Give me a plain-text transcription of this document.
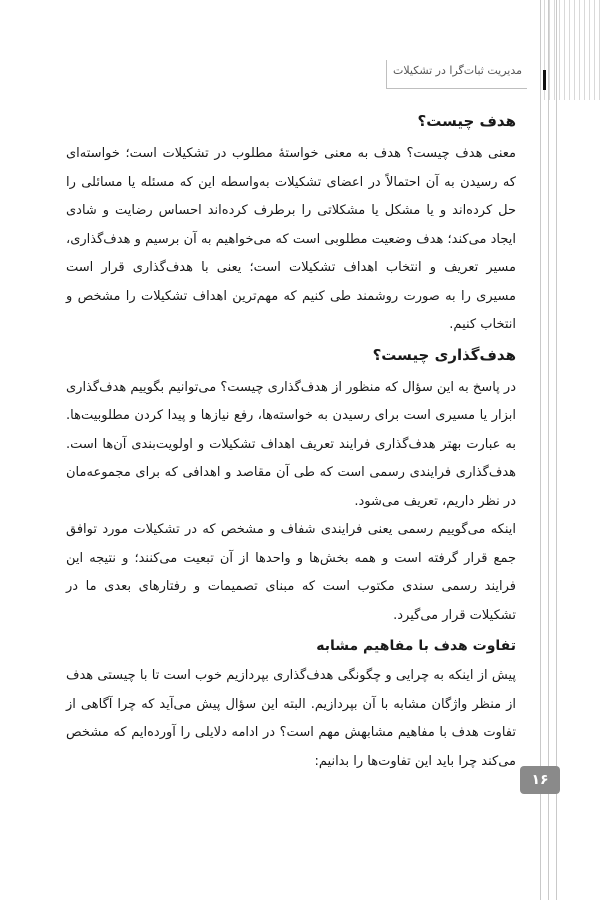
مدیریت ثبات‌گرا در تشکیلات
هدف چیست؟

معنی هدف چیست؟ هدف به معنی خواستهٔ مطلوب در تشکیلات است؛ خواسته‌ای که رسیدن به آن احتمالاً در اعضای تشکیلات به‌واسطه این که مسئله یا مسائلی را حل کرده‌اند و یا مشکل یا مشکلاتی را برطرف کرده‌اند احساس رضایت و شادی ایجاد می‌کند؛ هدف وضعیت مطلوبی است که می‌خواهیم به آن برسیم و هدف‌گذاری، مسیر تعریف و انتخاب اهداف تشکیلات است؛ یعنی با هدف‌گذاری قرار است مسیری را به صورت روشمند طی کنیم که مهم‌ترین اهداف تشکیلات را مشخص و انتخاب کنیم.

هدف‌گذاری چیست؟

در پاسخ به این سؤال که منظور از هدف‌گذاری چیست؟ می‌توانیم بگوییم هدف‌گذاری ابزار یا مسیری است برای رسیدن به خواسته‌ها، رفع نیازها و پیدا کردن مطلوبیت‌ها. به عبارت بهتر هدف‌گذاری فرایند تعریف اهداف تشکیلات و اولویت‌بندی آن‌ها است. هدف‌گذاری فرایندی رسمی است که طی آن مقاصد و اهدافی که برای مجموعه‌مان در نظر داریم، تعریف می‌شود.

اینکه می‌گوییم رسمی یعنی فرایندی شفاف و مشخص که در تشکیلات مورد توافق جمع قرار گرفته است و همه بخش‌ها و واحدها از آن تبعیت می‌کنند؛ و نتیجه این فرایند رسمی سندی مکتوب است که مبنای تصمیمات و رفتارهای بعدی ما در تشکیلات قرار می‌گیرد.

تفاوت هدف با مفاهیم مشابه

پیش از اینکه به چرایی و چگونگی هدف‌گذاری بپردازیم خوب است تا با چیستی هدف از منظر واژگان مشابه با آن بپردازیم. البته این سؤال پیش می‌آید که چرا آگاهی از تفاوت هدف با مفاهیم مشابهش مهم است؟ در ادامه دلایلی را آورده‌ایم که مشخص می‌کند چرا باید این تفاوت‌ها را بدانیم:

۱۶
